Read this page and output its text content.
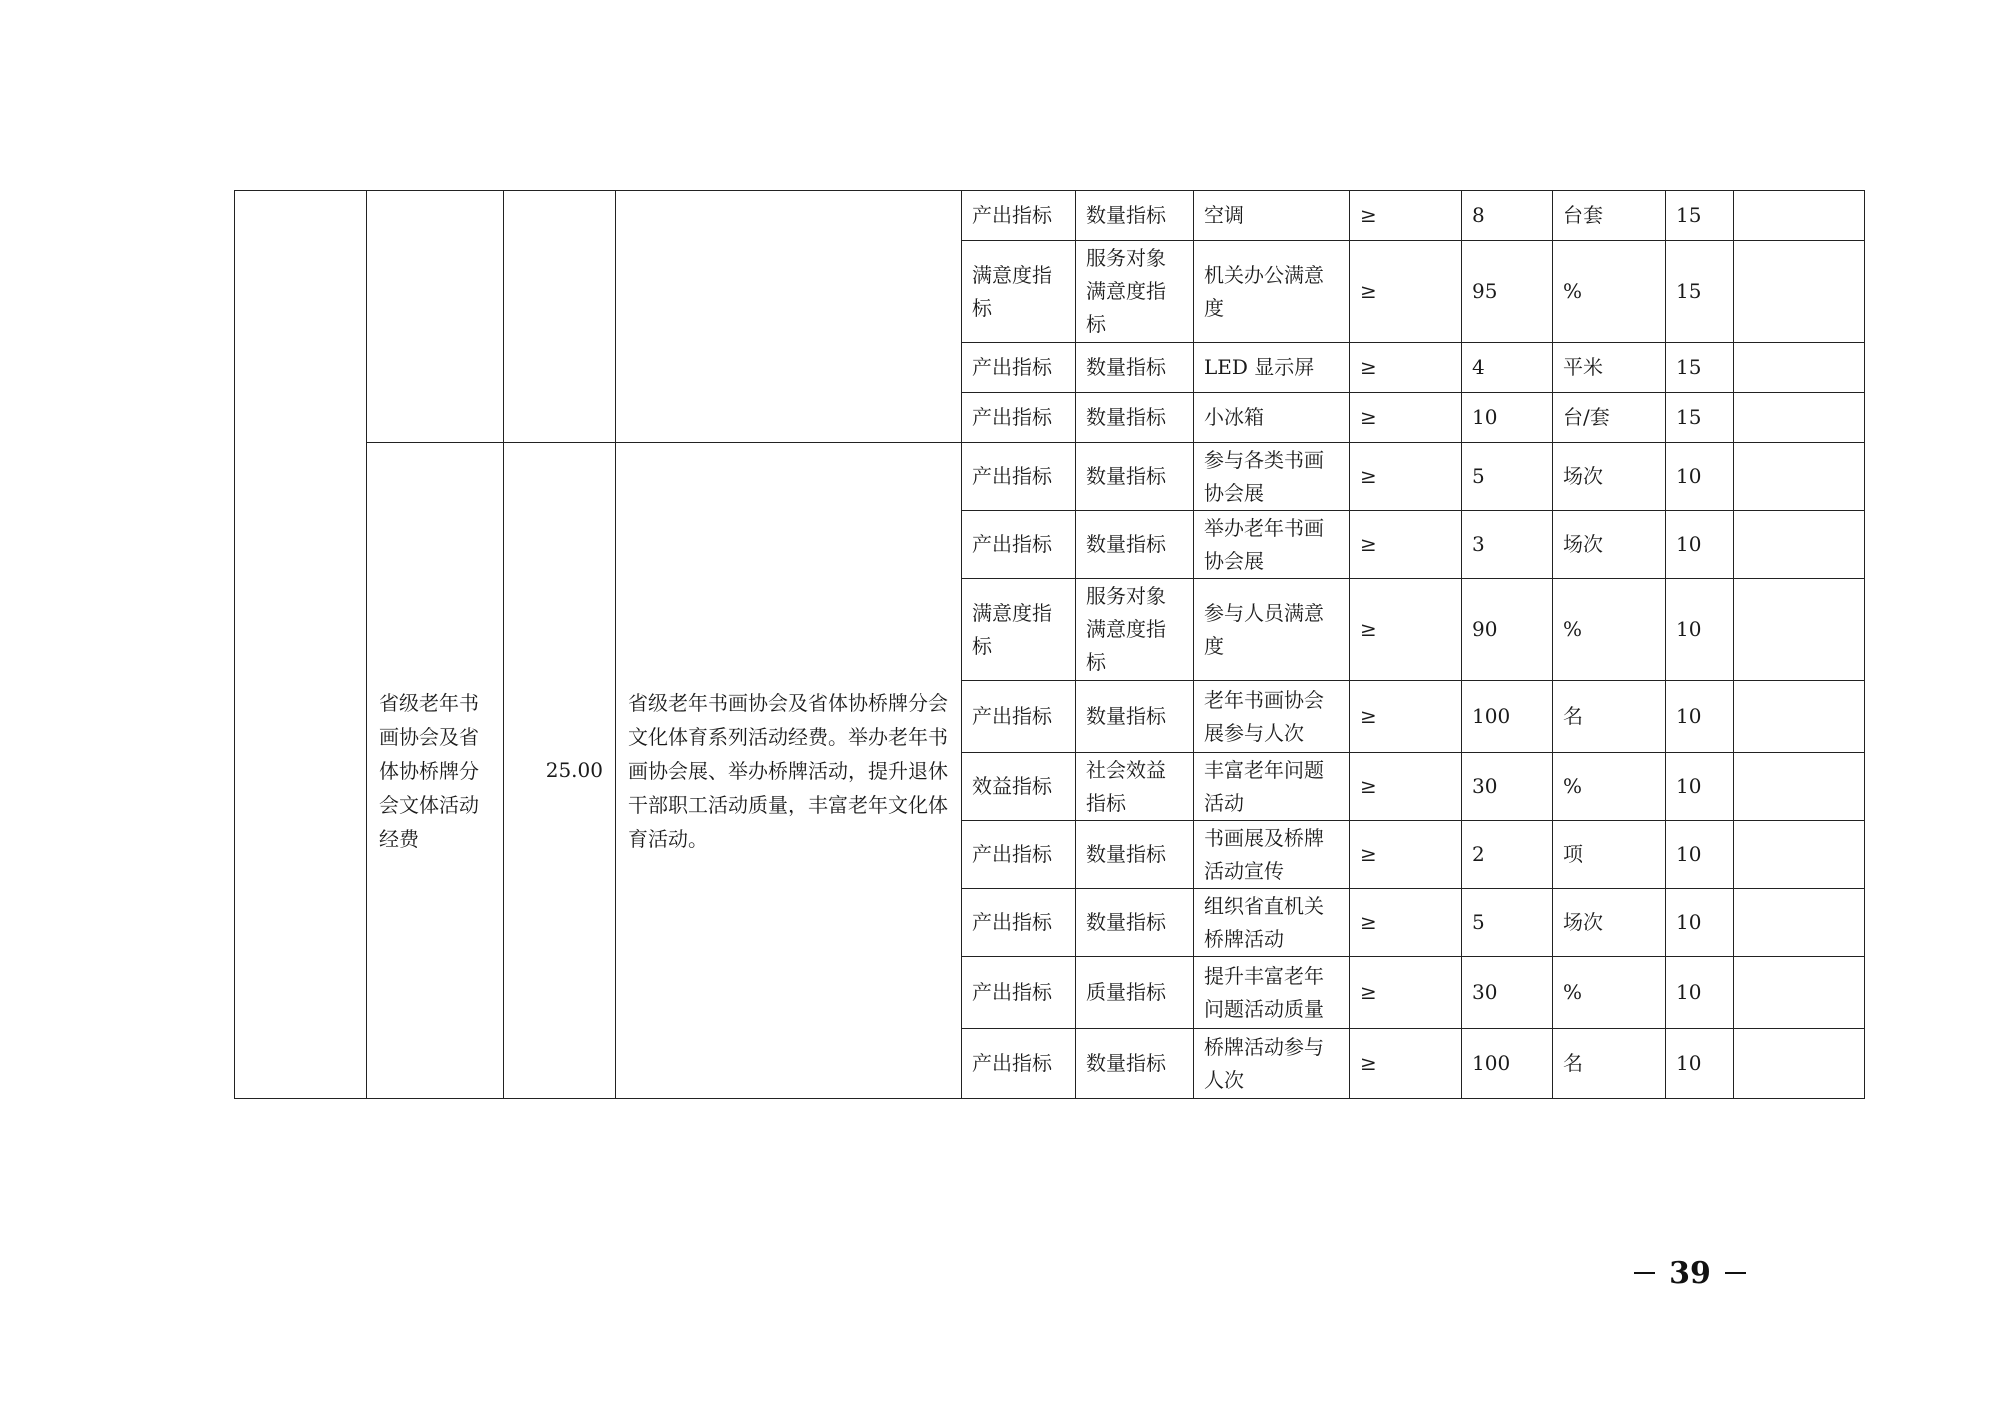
				产出指标	数量指标	空调	≥	8	台套	15	
				满意度指标	服务对象满意度指标	机关办公满意度	≥	95	%	15	
				产出指标	数量指标	LED 显示屏	≥	4	平米	15	
				产出指标	数量指标	小冰箱	≥	10	台/套	15	
	省级老年书画协会及省体协桥牌分会文体活动经费	25.00	省级老年书画协会及省体协桥牌分会文化体育系列活动经费。举办老年书画协会展、举办桥牌活动，提升退休干部职工活动质量，丰富老年文化体育活动。	产出指标	数量指标	参与各类书画协会展	≥	5	场次	10	
				产出指标	数量指标	举办老年书画协会展	≥	3	场次	10	
				满意度指标	服务对象满意度指标	参与人员满意度	≥	90	%	10	
				产出指标	数量指标	老年书画协会展参与人次	≥	100	名	10	
				效益指标	社会效益指标	丰富老年问题活动	≥	30	%	10	
				产出指标	数量指标	书画展及桥牌活动宣传	≥	2	项	10	
				产出指标	数量指标	组织省直机关桥牌活动	≥	5	场次	10	
				产出指标	质量指标	提升丰富老年问题活动质量	≥	30	%	10	
				产出指标	数量指标	桥牌活动参与人次	≥	100	名	10	
39
